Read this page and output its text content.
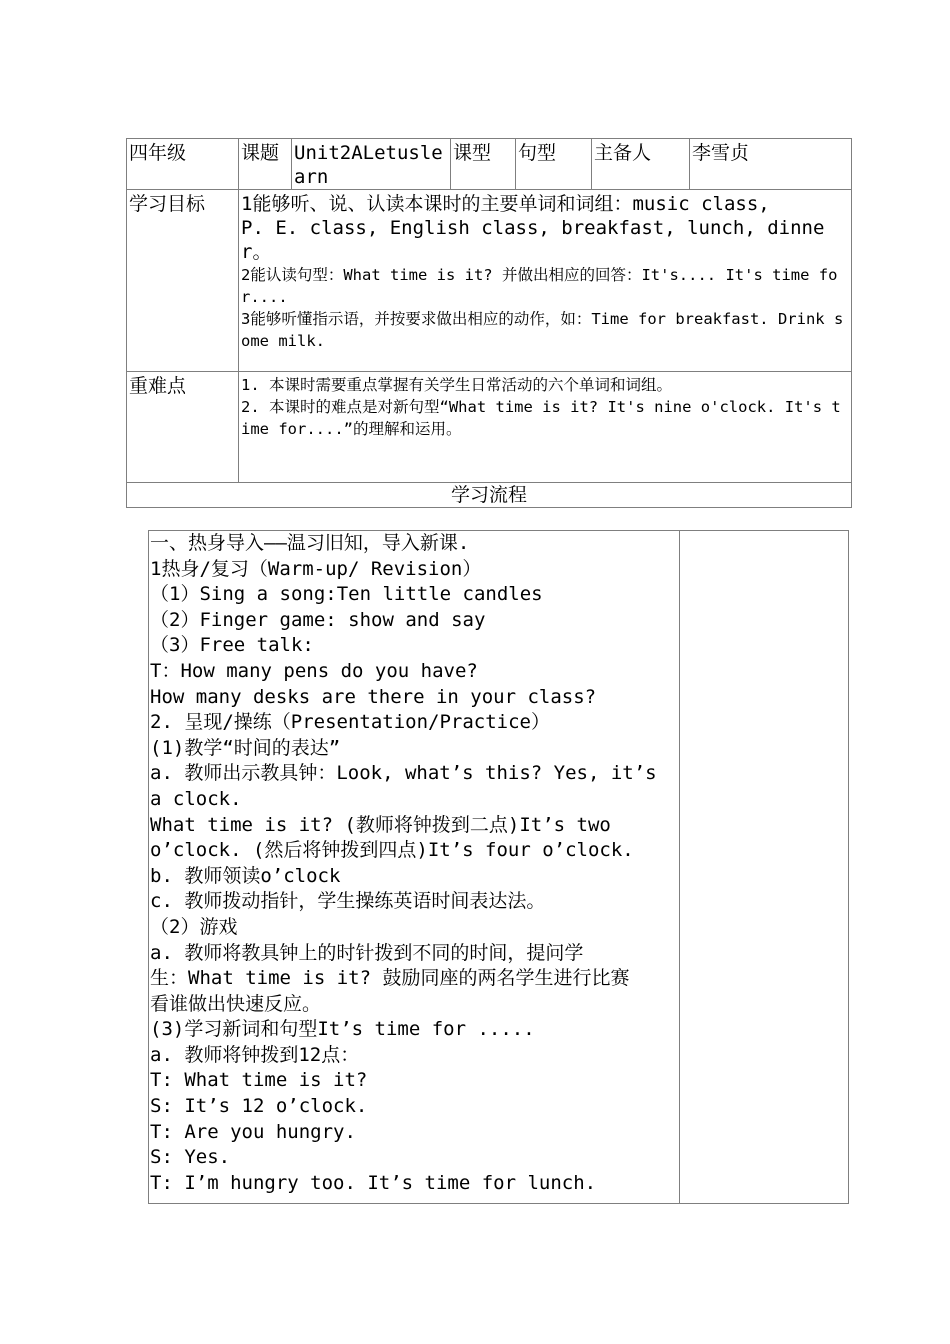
四年级	课题	Unit2ALetuslearn	课型	句型	主备人	李雪贞
学习目标	1能够听、说、认读本课时的主要单词和词组：music class,
P. E. class, English class, breakfast, lunch, dinner。
2能认读句型：What time is it? 并做出相应的回答：It's.... It's time for....
3能够听懂指示语，并按要求做出相应的动作，如：Time for breakfast. Drink some milk.					

重难点	1. 本课时需要重点掌握有关学生日常活动的六个单词和词组。
2. 本课时的难点是对新句型“What time is it? It's nine o'clock. It's time for....”的理解和运用。					

学习流程						
一、热身导入——温习旧知，导入新课.
1热身/复习（Warm-up/ Revision）
（1）Sing a song:Ten little candles
（2）Finger game: show and say
（3）Free talk:
T：How many pens do you have?
How many desks are there in your class?
2. 呈现/操练（Presentation/Practice）
(1)教学“时间的表达”
a. 教师出示教具钟：Look, what’s this? Yes, it’s
a clock.
What time is it? (教师将钟拨到二点)It’s two
o’clock. (然后将钟拨到四点)It’s four o’clock.
b. 教师领读o’clock
c. 教师拨动指针，学生操练英语时间表达法。
（2）游戏
a. 教师将教具钟上的时针拨到不同的时间，提问学
生：What time is it? 鼓励同座的两名学生进行比赛
看谁做出快速反应。
(3)学习新词和句型It’s time for .....
a. 教师将钟拨到12点：
T: What time is it?
S: It’s 12 o’clock.
T: Are you hungry.
S: Yes.
T: I’m hungry too. It’s time for lunch.
